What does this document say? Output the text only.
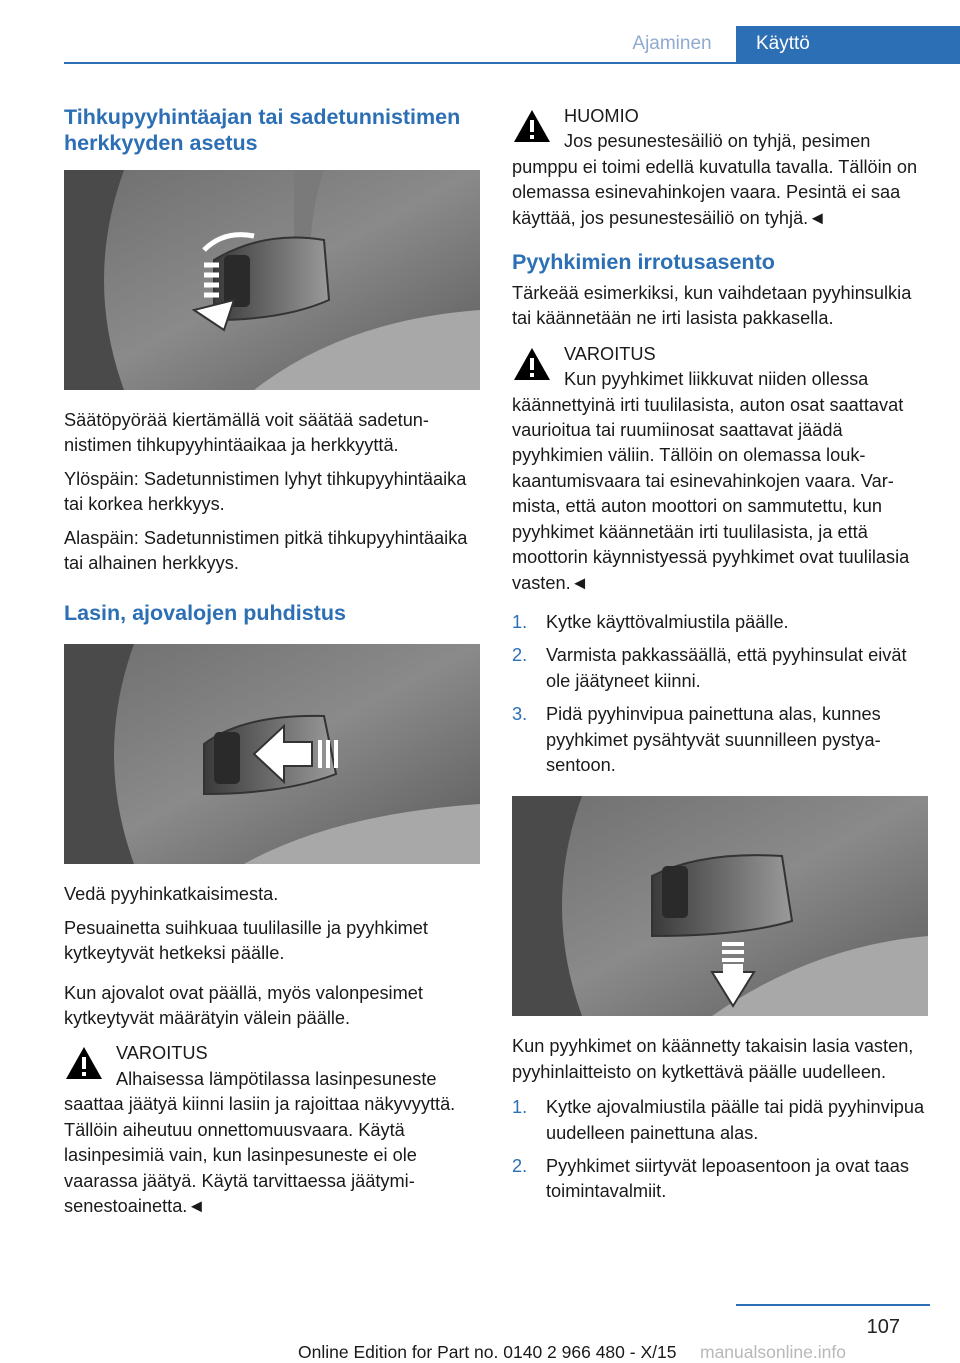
Ajaminen	Käyttö
Tihkupyyhintäajan tai sadetunnistimen herkkyyden asetus

Säätöpyörää kiertämällä voit säätää sadetunnistimen tihkupyyhintäaikaa ja herkkyyttä.

Ylöspäin: Sadetunnistimen lyhyt tihkupyyhintäaika tai korkea herkkyys.

Alaspäin: Sadetunnistimen pitkä tihkupyyhintäaika tai alhainen herkkyys.

Lasin, ajovalojen puhdistus

Vedä pyyhinkatkaisimesta.

Pesuainetta suihkuaa tuulilasille ja pyyhkimet kytkeytyvät hetkeksi päälle.

Kun ajovalot ovat päällä, myös valonpesimet kytkeytyvät määrätyin välein päälle.

VAROITUS
Alhaisessa lämpötilassa lasinpesuneste saattaa jäätyä kiinni lasiin ja rajoittaa näkyvyyttä. Tällöin aiheutuu onnettomuusvaara. Käytä lasinpesimiä vain, kun lasinpesuneste ei ole vaarassa jäätyä. Käytä tarvittaessa jäätymisenestoainetta.◄

HUOMIO
Jos pesunestesäiliö on tyhjä, pesimen pumppu ei toimi edellä kuvatulla tavalla. Tällöin on olemassa esinevahinkojen vaara. Pesintä ei saa käyttää, jos pesunestesäiliö on tyhjä.◄

Pyyhkimien irrotusasento

Tärkeää esimerkiksi, kun vaihdetaan pyyhinsulkia tai käännetään ne irti lasista pakkasella.

VAROITUS
Kun pyyhkimet liikkuvat niiden ollessa käännettyinä irti tuulilasista, auton osat saattavat vaurioitua tai ruumiinosat saattavat jäädä pyyhkimien väliin. Tällöin on olemassa loukkaantumisvaara tai esinevahinkojen vaara. Varmista, että auton moottori on sammutettu, kun pyyhkimet käännetään irti tuulilasista, ja että moottorin käynnistyessä pyyhkimet ovat tuulilasia vasten.◄

1. Kytke käyttövalmiustila päälle.
2. Varmista pakkassäällä, että pyyhinsulat eivät ole jäätyneet kiinni.
3. Pidä pyyhinvipua painettuna alas, kunnes pyyhkimet pysähtyvät suunnilleen pystyasentoon.

Kun pyyhkimet on käännetty takaisin lasia vasten, pyyhinlaitteisto on kytkettävä päälle uudelleen.

1. Kytke ajovalmiustila päälle tai pidä pyyhinvipua uudelleen painettuna alas.
2. Pyyhkimet siirtyvät lepoasentoon ja ovat taas toimintavalmiit.
107
Online Edition for Part no. 0140 2 966 480 - X/15 manualsonline.info
